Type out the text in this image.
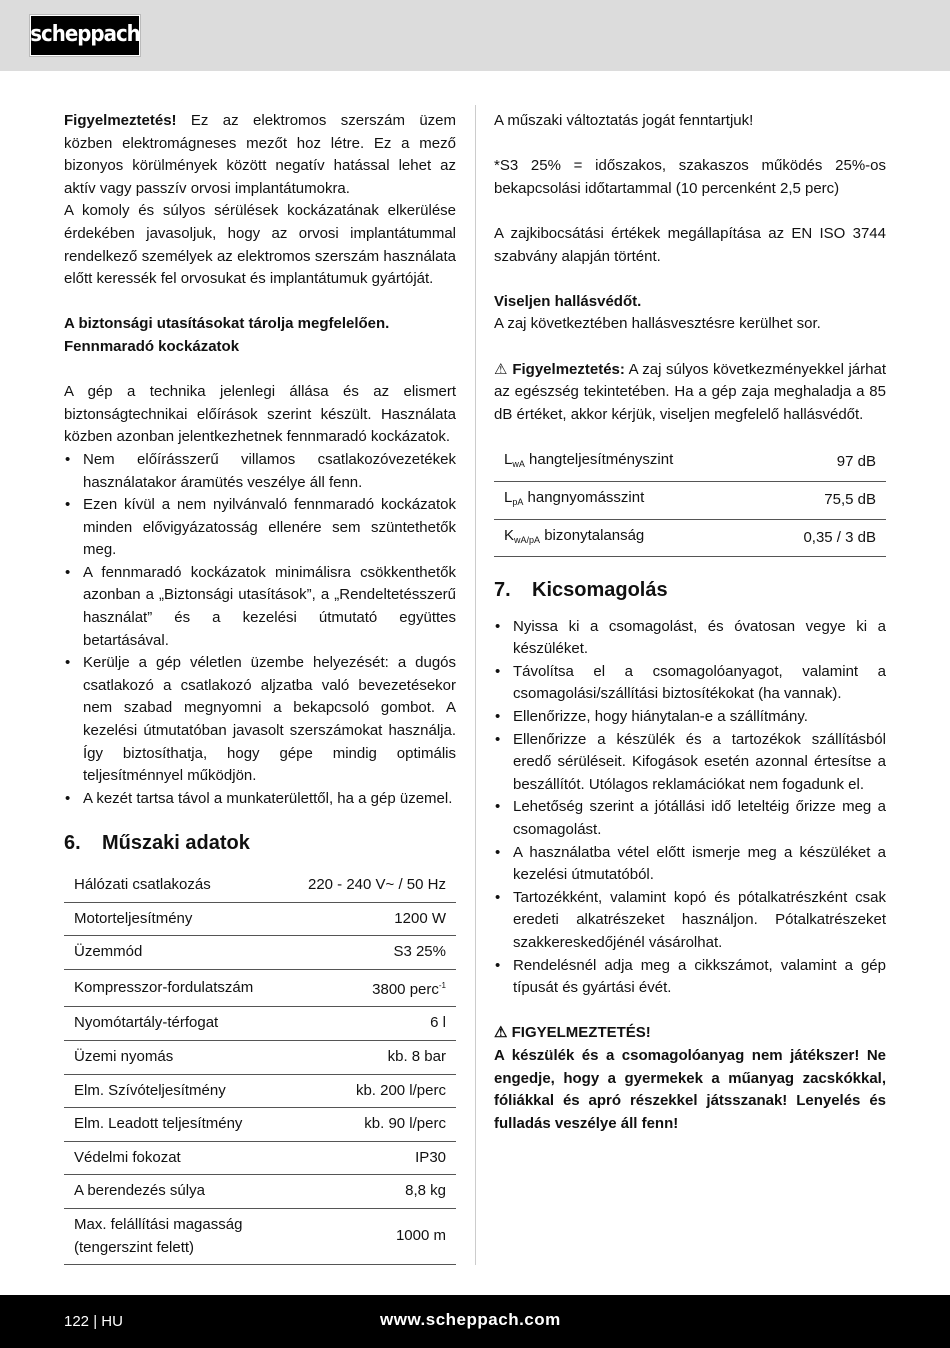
scheppach

Figyelmeztetés! Ez az elektromos szerszám üzem közben elektromágneses mezőt hoz létre. Ez a mező bizonyos körülmények között negatív hatással lehet az aktív vagy passzív orvosi implantátumokra.

A komoly és súlyos sérülések kockázatának elkerülése érdekében javasoljuk, hogy az orvosi implantátummal rendelkező személyek az elektromos szerszám használata előtt keressék fel orvosukat és implantátumuk gyártóját.

A biztonsági utasításokat tárolja megfelelően.

Fennmaradó kockázatok

A gép a technika jelenlegi állása és az elismert biztonságtechnikai előírások szerint készült. Használata közben azonban jelentkezhetnek fennmaradó kockázatok.

• Nem előírásszerű villamos csatlakozóvezetékek használatakor áramütés veszélye áll fenn.
• Ezen kívül a nem nyilvánvaló fennmaradó kockázatok minden elővigyázatosság ellenére sem szüntethetők meg.
• A fennmaradó kockázatok minimálisra csökkenthetők azonban a „Biztonsági utasítások”, a „Rendeltetésszerű használat” és a kezelési útmutató együttes betartásával.
• Kerülje a gép véletlen üzembe helyezését: a dugós csatlakozó a csatlakozó aljzatba való bevezetésekor nem szabad megnyomni a bekapcsoló gombot. A kezelési útmutatóban javasolt szerszámokat használja. Így biztosíthatja, hogy gépe mindig optimális teljesítménnyel működjön.
• A kezét tartsa távol a munkaterülettől, ha a gép üzemel.
6.	Műszaki adatok
Hálózati csatlakozás	220 - 240 V~ / 50 Hz
Motorteljesítmény	1200 W
Üzemmód	S3 25%
Kompresszor-fordulatszám	3800 perc$^{-1}$
Nyomótartály-térfogat	6 l
Üzemi nyomás	kb. 8 bar
Elm. Szívóteljesítmény	kb. 200 l/perc
Elm. Leadott teljesítmény	kb. 90 l/perc
Védelmi fokozat	IP30
A berendezés súlya	8,8 kg
Max. felállítási magasság
(tengerszint felett)	1000 m

A műszaki változtatás jogát fenntartjuk!

*S3 25% = időszakos, szakaszos működés 25%-os bekapcsolási időtartammal (10 percenként 2,5 perc)

A zajkibocsátási értékek megállapítása az EN ISO 3744 szabvány alapján történt.

Viseljen hallásvédőt.

A zaj következtében hallásvesztésre kerülhet sor.

⚠ Figyelmeztetés: A zaj súlyos következményekkel járhat az egészség tekintetében. Ha a gép zaja meghaladja a 85 dB értéket, akkor kérjük, viseljen megfelelő hallásvédőt.

$L_{wA}$ hangteljesítményszint	97 dB
$L_{pA}$ hangnyomásszint	75,5 dB
$K_{wA/pA}$ bizonytalanság	0,35 / 3 dB
7.	Kicsomagolás
• Nyissa ki a csomagolást, és óvatosan vegye ki a készüléket.
• Távolítsa el a csomagolóanyagot, valamint a csomagolási/szállítási biztosítékokat (ha vannak).
• Ellenőrizze, hogy hiánytalan-e a szállítmány.
• Ellenőrizze a készülék és a tartozékok szállításból eredő sérüléseit. Kifogások esetén azonnal értesítse a beszállítót. Utólagos reklamációkat nem fogadunk el.
• Lehetőség szerint a jótállási idő leteltéig őrizze meg a csomagolást.
• A használatba vétel előtt ismerje meg a készüléket a kezelési útmutatóból.
• Tartozékként, valamint kopó és pótalkatrészként csak eredeti alkatrészeket használjon. Pótalkatrészeket szakkereskedőjénél vásárolhat.
• Rendelésnél adja meg a cikkszámot, valamint a gép típusát és gyártási évét.

⚠ FIGYELMEZTETÉS!

A készülék és a csomagolóanyag nem játékszer! Ne engedje, hogy a gyermekek a műanyag zacskókkal, fóliákkal és apró részekkel játsszanak! Lenyelés és fulladás veszélye áll fenn!

122 | HU	www.scheppach.com
